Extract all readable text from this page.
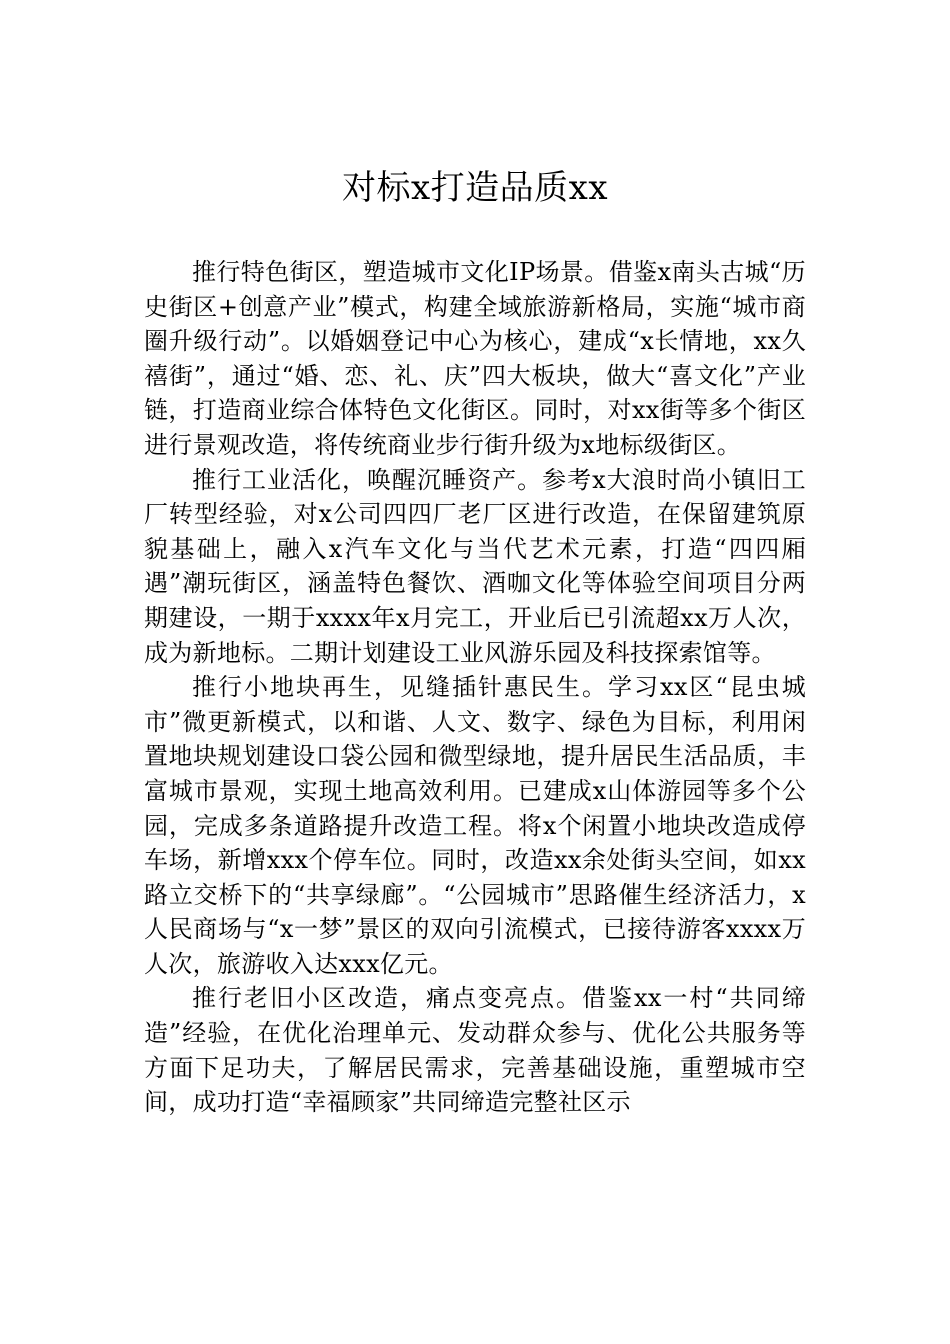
对标x打造品质xx

推行特色街区，塑造城市文化IP场景。借鉴x南头古城“历史街区+创意产业”模式，构建全域旅游新格局，实施“城市商圈升级行动”。以婚姻登记中心为核心，建成“x长情地，xx久禧街”，通过“婚、恋、礼、庆”四大板块，做大“喜文化”产业链，打造商业综合体特色文化街区。同时，对xx街等多个街区进行景观改造，将传统商业步行街升级为x地标级街区。

推行工业活化，唤醒沉睡资产。参考x大浪时尚小镇旧工厂转型经验，对x公司四四厂老厂区进行改造，在保留建筑原貌基础上，融入x汽车文化与当代艺术元素，打造“四四厢遇”潮玩街区，涵盖特色餐饮、酒咖文化等体验空间项目分两期建设，一期于xxxx年x月完工，开业后已引流超xx万人次，成为新地标。二期计划建设工业风游乐园及科技探索馆等。

推行小地块再生，见缝插针惠民生。学习xx区“昆虫城市”微更新模式，以和谐、人文、数字、绿色为目标，利用闲置地块规划建设口袋公园和微型绿地，提升居民生活品质，丰富城市景观，实现土地高效利用。已建成x山体游园等多个公园，完成多条道路提升改造工程。将x个闲置小地块改造成停车场，新增xxx个停车位。同时，改造xx余处街头空间，如xx路立交桥下的“共享绿廊”。“公园城市”思路催生经济活力，x人民商场与“x一梦”景区的双向引流模式，已接待游客xxxx万人次，旅游收入达xxx亿元。

推行老旧小区改造，痛点变亮点。借鉴xx一村“共同缔造”经验，在优化治理单元、发动群众参与、优化公共服务等方面下足功夫，了解居民需求，完善基础设施，重塑城市空间，成功打造“幸福顾家”共同缔造完整社区示
